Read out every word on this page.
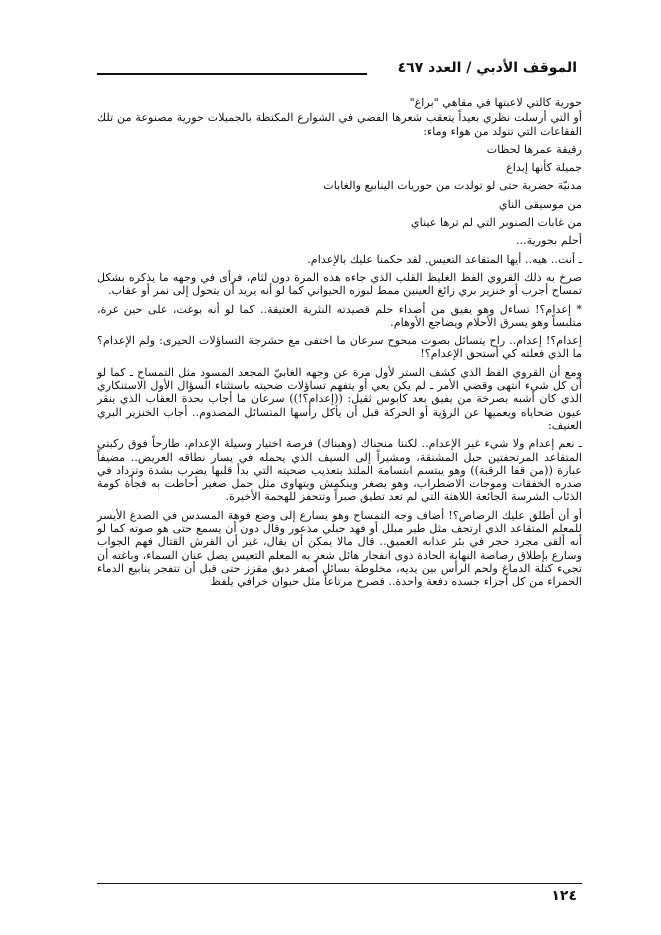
الموقف الأدبي / العدد ٤٦٧

حورية كالتي لاعبتها في مقاهي "براغ"

أو التي أرسلت نظري بعيداً يتعقب شعرها الفضي في الشوارع المكتظة بالجميلات حورية مصنوعة من تلك الفقاعات التي تتولد من هواء وماء:

رقيقة عمرها لحظات

جميلة كأنها إبداع

مدنيّة حضرية حتى لو تولدت من حوريات الينابيع والغابات

من موسيقى الناي

من غابات الصنوبر التي لم ترها عيناي

أحلم بحورية...

ـ أنت.. هيه.. أيها المتقاعد التعيس. لقد حكمنا عليك بالإعدام.

صرخ به ذلك القروي الفظ الغليظ القلب الذي جاءه هذه المرة دون لثام، فرأى في وجهه ما يذكره بشكل تمساح أجرب أو خنزير بري زائغ العينين ممط لبوزه الحيواني كما لو أنه يريد أن يتحول إلى نمر أو عقاب.

* إعدام؟! تساءل وهو يفيق من أصداء حلم قصيدته النثرية العتيقة.. كما لو أنه بوغت، على حين غرة، متلبساً وهو يسرق الأحلام ويضاجع الأوهام.

إعدام؟! إعدام.. راح يتسائل بصوت مبحوح سرعان ما اختفى مع حشرجة التساؤلات الحيرى: ولم الإعدام؟ ما الذي فعلته كي أستحق الإعدام؟!

ومع أن القروي الفظ الذي كشف الستر لأول مرة عن وجهه الغابيّ المجعد المسود مثل التمساح ـ كما لو أن كل شيء انتهى وقضي الأمر ـ لم يكن يعي أو يتفهم تساؤلات ضحيته باستثناء السؤال الأول الاستنكاري الذي كان أشبه بصرخة من يفيق بعد كابوس ثقيل: ((إعدام؟!)) سرعان ما أجاب بحدة العقاب الذي ينقر عيون ضحاياه ويعميها عن الرؤية أو الحركة قبل أن يأكل رأسها المتسائل المصدوم.. أجاب الخنزير البري العنيف:

ـ نعم إعدام ولا شيء غير الإعدام.. لكننا منحناك (وهبناك) فرصة اختيار وسيلة الإعدام، طارحاً فوق ركبتي المتقاعد المرتجفتين حبل المشنقة، ومشيراً إلى السيف الذي يحمله في يسار نطاقه العريض.. مضيفاً عبارة ((من قفا الرقبة)) وهو يبتسم ابتسامة الملتذ بتعذيب ضحيته التي بدأ قلبها يضرب بشدة وتزداد في صدره الخفقات وموجات الاضطراب، وهو يصغر وينكمش ويتهاوى مثل حمل صغير أحاطت به فجأة كومة الذئاب الشرسة الجائعة اللاهثة التي لم تعد تطيق صبراً وتتحفز للهجمة الأخيرة.

أو أن أطلق عليك الرصاص؟! أضاف وجه التمساح وهو يسارع إلى وضع فوهة المسدس في الصدغ الأيسر للمعلم المتقاعد الذي ارتجف مثل طير مبلل أو فهد جبلي مذعور وقال دون أن يسمع حتى هو صوته كما لو أنه ألقى مجرد حجر في بئر عذابه العميق.. قال مالا يمكن أن يقال، غير أن القرش القتال فهم الجواب وسارع بإطلاق رصاصة النهاية الحادة ذوى انفجار هائل شعر به المعلم التعيس يصل عنان السماء، وباغته أن تجيء كتلة الدماغ ولحم الرأس بين يديه، مخلوطة بسائل أصفر دبق مقزز حتى قبل أن تتفجر ينابيع الدماء الحمراء من كل أجزاء جسده دفعة واحدة.. فصرخ مرتاعاً مثل حيوان خرافي يلفظ

١٢٤
